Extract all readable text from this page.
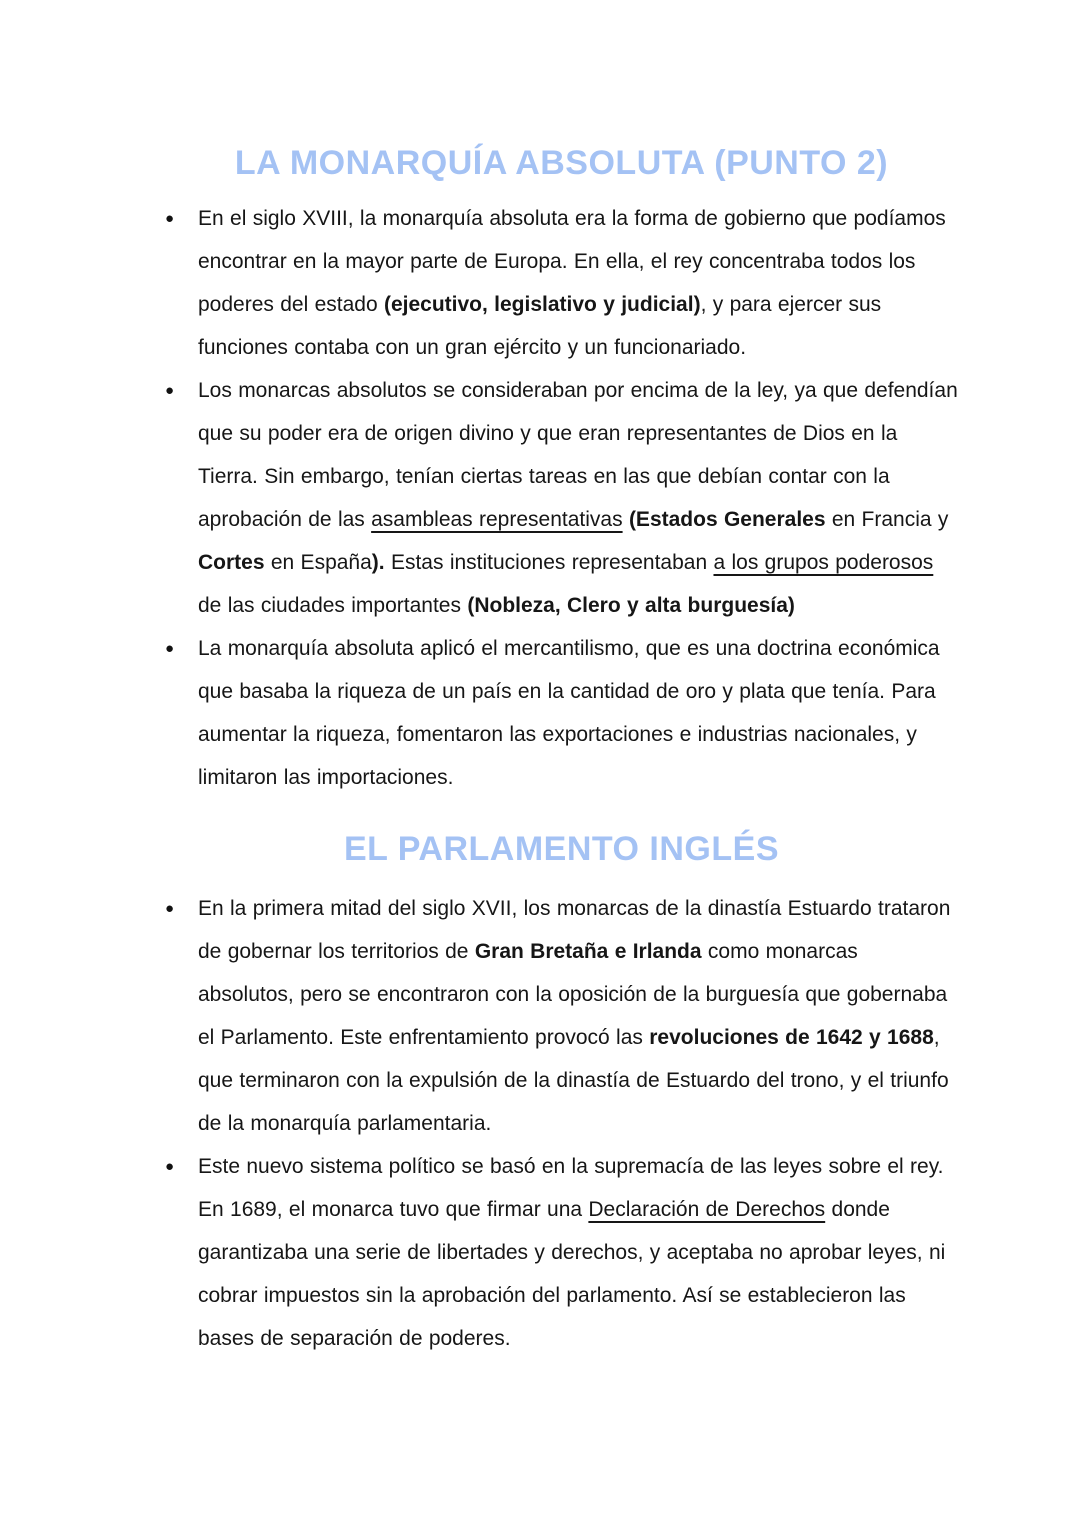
LA MONARQUÍA ABSOLUTA (PUNTO 2)
●	En el siglo XVIII, la monarquía absoluta era la forma de gobierno que podíamos encontrar en la mayor parte de Europa. En ella, el rey concentraba todos los poderes del estado (ejecutivo, legislativo y judicial), y para ejercer sus funciones contaba con un gran ejército y un funcionariado.
●	Los monarcas absolutos se consideraban por encima de la ley, ya que defendían que su poder era de origen divino y que eran representantes de Dios en la Tierra. Sin embargo, tenían ciertas tareas en las que debían contar con la aprobación de las asambleas representativas (Estados Generales en Francia y Cortes en España). Estas instituciones representaban a los grupos poderosos de las ciudades importantes (Nobleza, Clero y alta burguesía)
●	La monarquía absoluta aplicó el mercantilismo, que es una doctrina económica que basaba la riqueza de un país en la cantidad de oro y plata que tenía. Para aumentar la riqueza, fomentaron las exportaciones e industrias nacionales, y limitaron las importaciones.
EL PARLAMENTO INGLÉS
●	En la primera mitad del siglo XVII, los monarcas de la dinastía Estuardo trataron de gobernar los territorios de Gran Bretaña e Irlanda como monarcas absolutos, pero se encontraron con la oposición de la burguesía que gobernaba el Parlamento. Este enfrentamiento provocó las revoluciones de 1642 y 1688, que terminaron con la expulsión de la dinastía de Estuardo del trono, y el triunfo de la monarquía parlamentaria.
●	Este nuevo sistema político se basó en la supremacía de las leyes sobre el rey. En 1689, el monarca tuvo que firmar una Declaración de Derechos donde garantizaba una serie de libertades y derechos, y aceptaba no aprobar leyes, ni cobrar impuestos sin la aprobación del parlamento. Así se establecieron las bases de separación de poderes.
